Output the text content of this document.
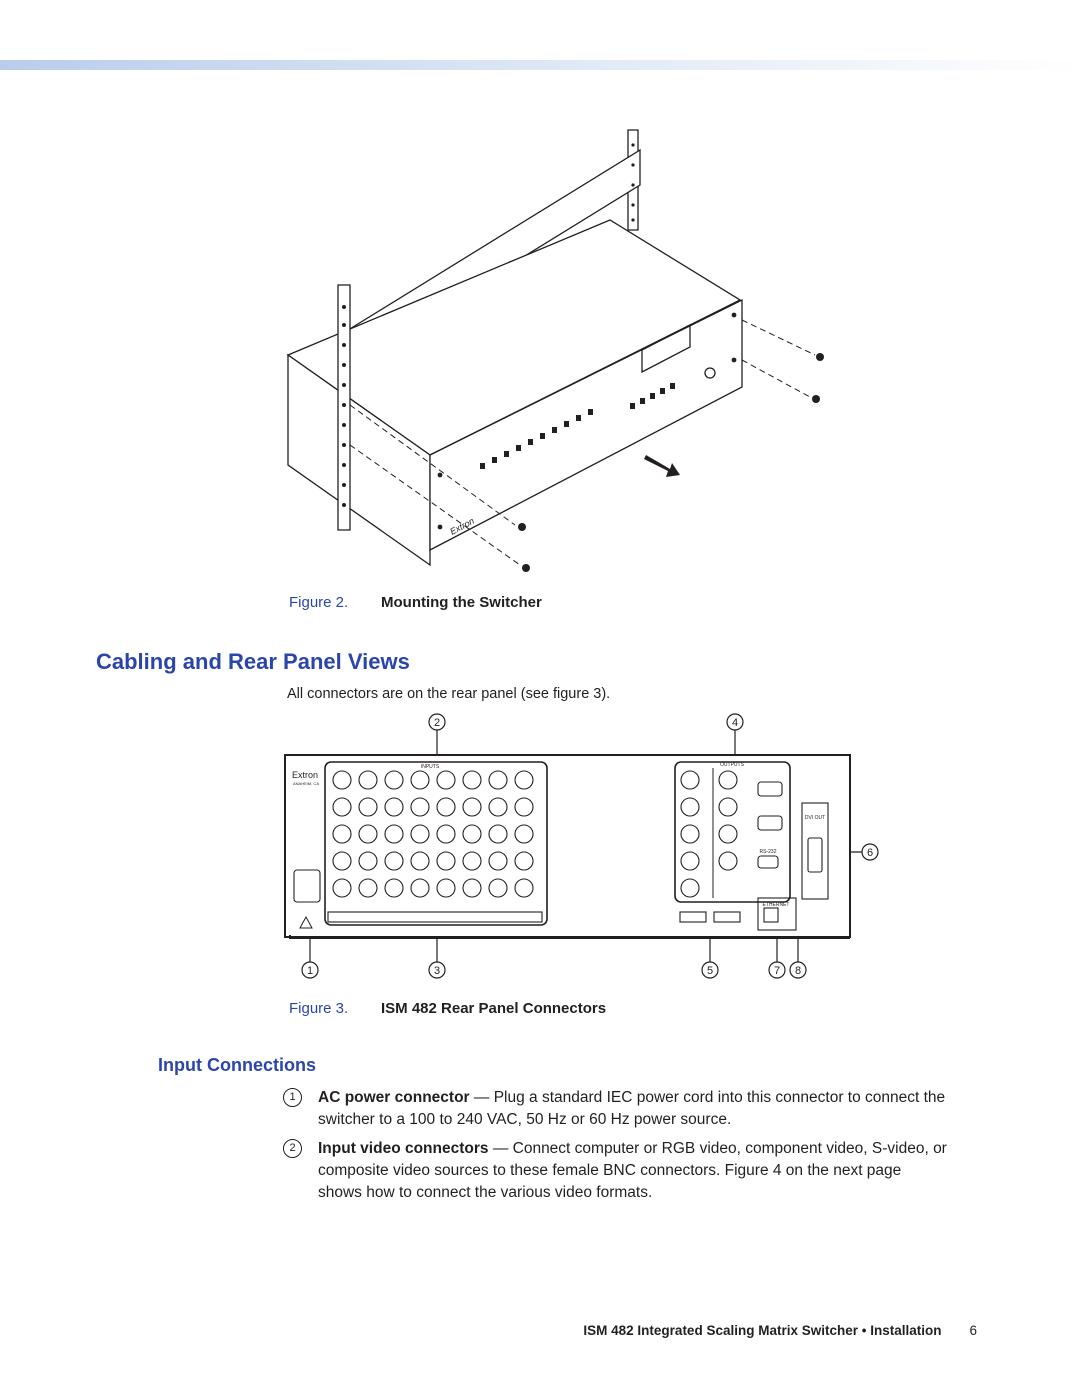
Extron
Figure 2. Mounting the Switcher
Cabling and Rear Panel Views

All connectors are on the rear panel (see figure 3).

2	4
6
1	3	5	7 8
INPUTS	OUTPUTS
DVI OUT
RS-232
ETHERNET
ANAHEIM, CA
Extron
Figure 3. ISM 482 Rear Panel Connectors
Input Connections
1	AC power connector — Plug a standard IEC power cord into this connector to connect the switcher to a 100 to 240 VAC, 50 Hz or 60 Hz power source.

2	Input video connectors — Connect computer or RGB video, component video, S-video, or composite video sources to these female BNC connectors. Figure 4 on the next page shows how to connect the various video formats.

ISM 482 Integrated Scaling Matrix Switcher • Installation 6
